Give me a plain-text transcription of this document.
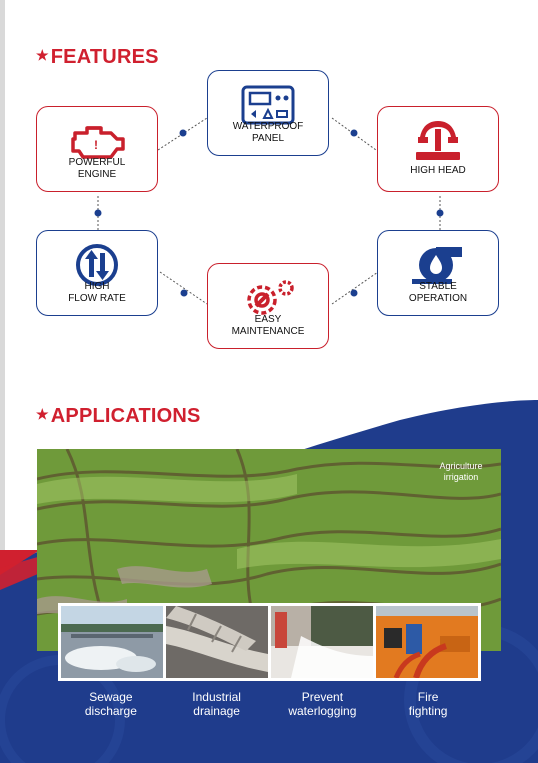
★ FEATURES
!
POWERFUL
ENGINE
WATERPROOF
PANEL
HIGH HEAD
HIGH
FLOW RATE
EASY
MAINTENANCE
STABLE
OPERATION
★ APPLICATIONS
Agriculture
irrigation
Sewage
discharge
Industrial
drainage
Prevent
waterlogging
Fire
fighting
